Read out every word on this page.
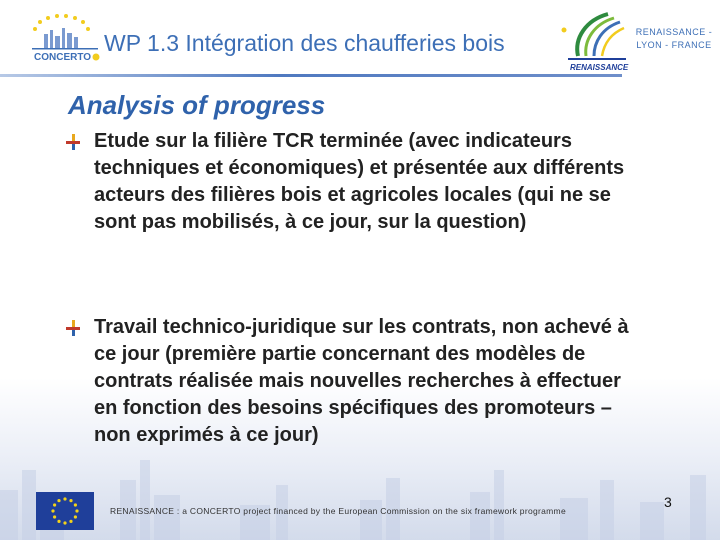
CONCERTO
WP 1.3 Intégration des chaufferies bois
RENAISSANCE
RENAISSANCE - LYON - FRANCE
Analysis of progress
Etude sur la filière TCR terminée (avec indicateurs techniques et économiques) et présentée aux différents acteurs des filières bois et agricoles locales (qui ne se sont pas mobilisés, à ce jour, sur la question)
Travail technico-juridique sur les contrats, non achevé à ce jour (première partie concernant des modèles de contrats réalisée mais nouvelles recherches à effectuer en fonction des besoins spécifiques des promoteurs – non exprimés à ce jour)
RENAISSANCE : a CONCERTO project financed by the European Commission on the six framework programme
3
